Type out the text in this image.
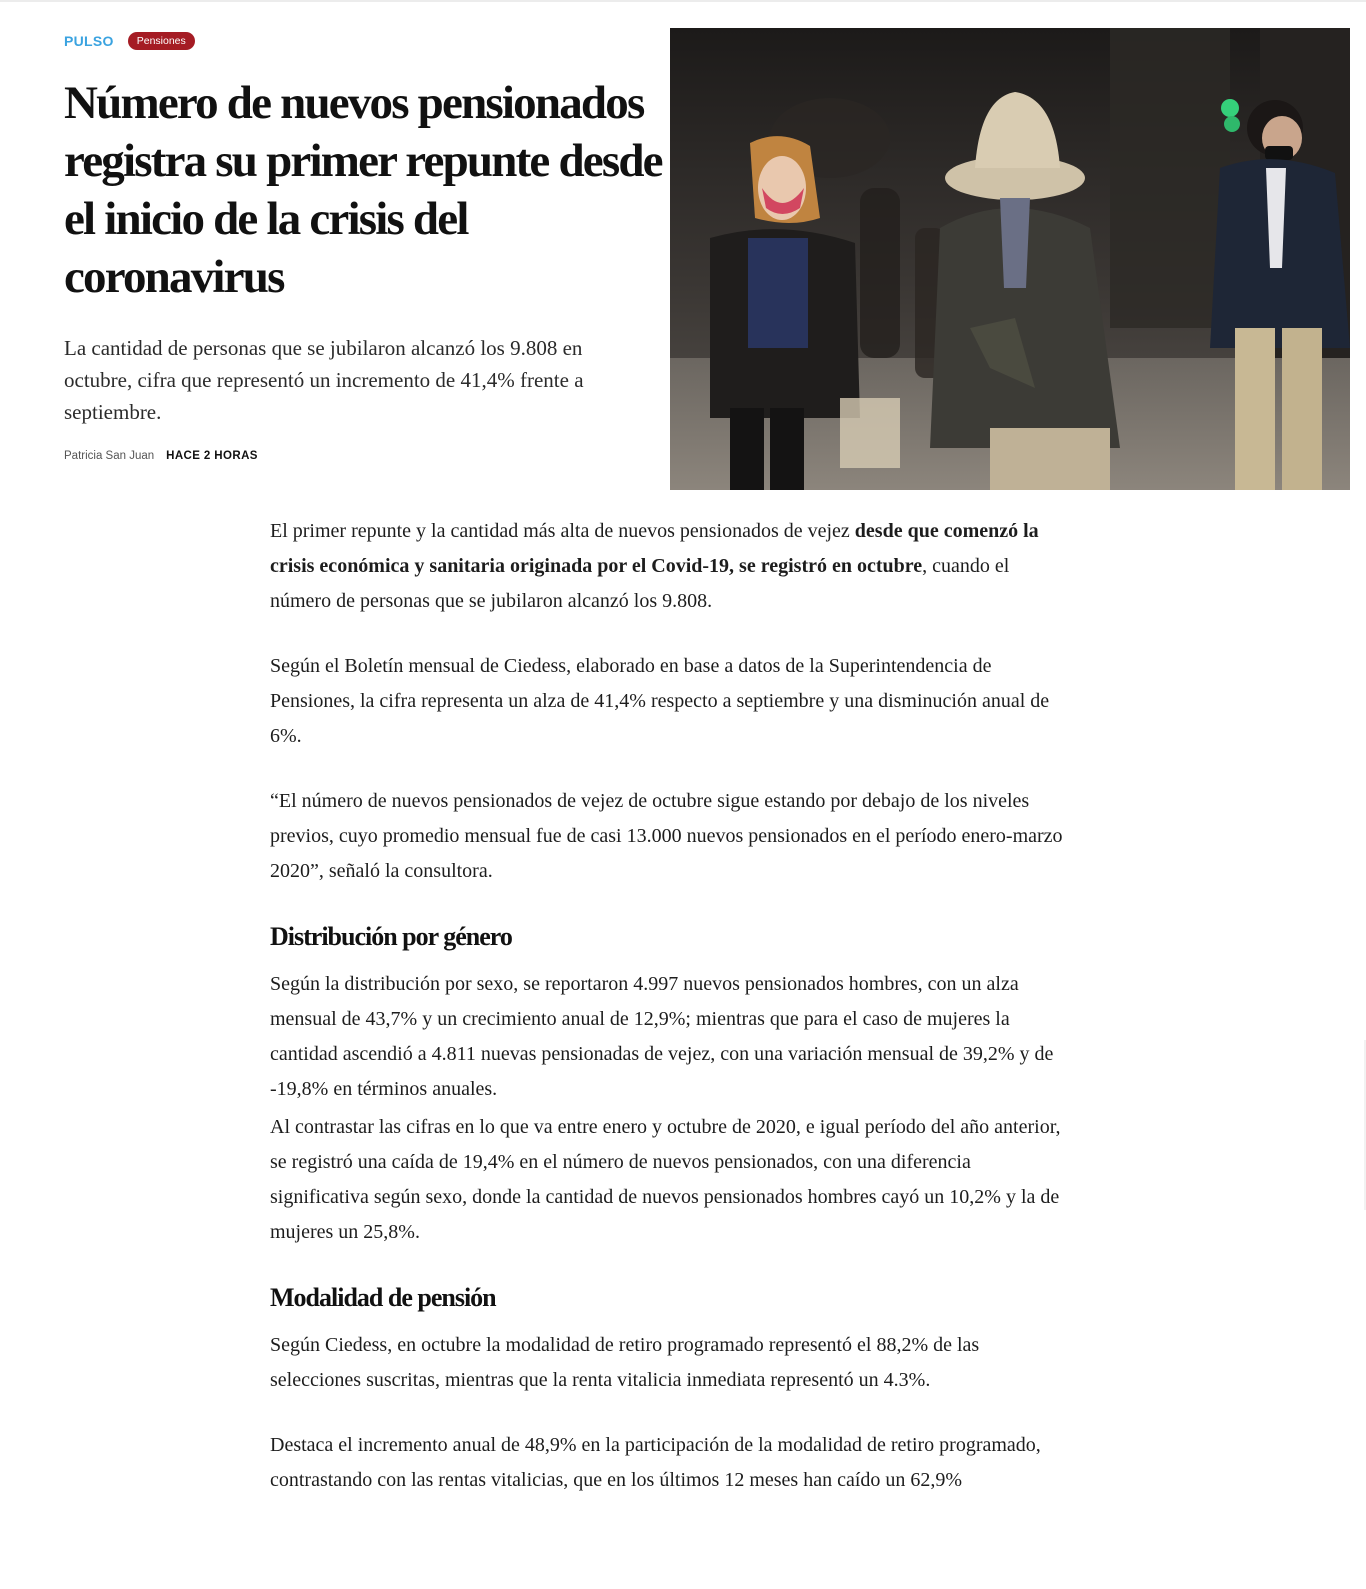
PULSO	Pensiones
Número de nuevos pensionados registra su primer repunte desde el inicio de la crisis del coronavirus

La cantidad de personas que se jubilaron alcanzó los 9.808 en octubre, cifra que representó un incremento de 41,4% frente a septiembre.

Patricia San Juan HACE 2 HORAS

El primer repunte y la cantidad más alta de nuevos pensionados de vejez desde que comenzó la crisis económica y sanitaria originada por el Covid-19, se registró en octubre, cuando el número de personas que se jubilaron alcanzó los 9.808.

Según el Boletín mensual de Ciedess, elaborado en base a datos de la Superintendencia de Pensiones, la cifra representa un alza de 41,4% respecto a septiembre y una disminución anual de 6%.

“El número de nuevos pensionados de vejez de octubre sigue estando por debajo de los niveles previos, cuyo promedio mensual fue de casi 13.000 nuevos pensionados en el período enero-marzo 2020”, señaló la consultora.

Distribución por género

Según la distribución por sexo, se reportaron 4.997 nuevos pensionados hombres, con un alza mensual de 43,7% y un crecimiento anual de 12,9%; mientras que para el caso de mujeres la cantidad ascendió a 4.811 nuevas pensionadas de vejez, con una variación mensual de 39,2% y de -19,8% en términos anuales.

Al contrastar las cifras en lo que va entre enero y octubre de 2020, e igual período del año anterior, se registró una caída de 19,4% en el número de nuevos pensionados, con una diferencia significativa según sexo, donde la cantidad de nuevos pensionados hombres cayó un 10,2% y la de mujeres un 25,8%.

Modalidad de pensión

Según Ciedess, en octubre la modalidad de retiro programado representó el 88,2% de las selecciones suscritas, mientras que la renta vitalicia inmediata representó un 4.3%.

Destaca el incremento anual de 48,9% en la participación de la modalidad de retiro programado, contrastando con las rentas vitalicias, que en los últimos 12 meses han caído un 62,9%
